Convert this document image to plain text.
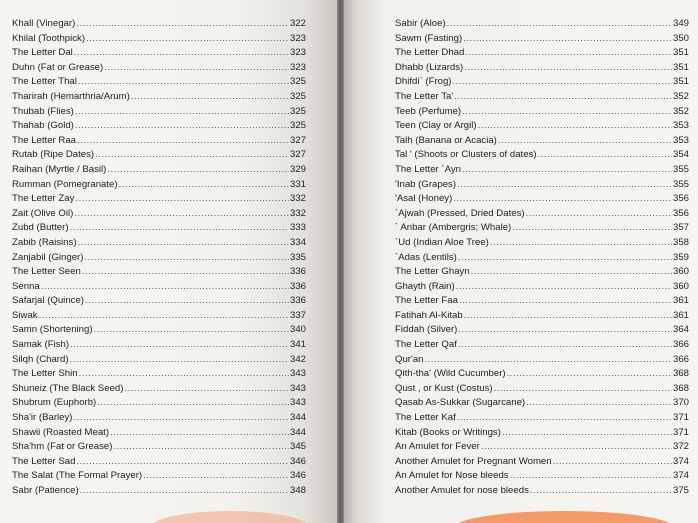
Khall (Vinegar) .....	322
Khilal (Toothpick) .....	323
The Letter Dal .....	323
Duhn (Fat or Grease) .....	323
The Letter Thal .....	325
Tharirah (Hemarthria/Arum) .....	325
Thubab (Flies) .....	325
Thahab (Gold) .....	325
The Letter Raa .....	327
Rutab (Ripe Dates) .....	327
Raihan (Myrtle / Basil) .....	329
Rumman (Pomegranate) .....	331
The Letter Zay .....	332
Zait (Olive Oil) .....	332
Zubd (Butter) .....	333
Zabib (Raisins) .....	334
Zanjabil (Ginger) .....	335
The Letter Seen .....	336
Senna .....	336
Safarjal (Quince) .....	336
Siwak .....	337
Samn (Shortening) .....	340
Samak (Fish) .....	341
Silqh (Chard) .....	342
The Letter Shin .....	343
Shuneiz (The Black Seed) .....	343
Shubrum (Euphorb) .....	343
Sha'ir (Barley) .....	344
Shawii (Roasted Meat) .....	344
Sha'hm (Fat or Grease) .....	345
The Letter Sad .....	346
The Salat (The Formal Prayer) .....	346
Sabr (Patience) .....	348
Sabir (Aloe) .....	349
Sawm (Fasting) .....	350
The Letter Dhad .....	351
Dhabb (Lizards) .....	351
Dhifdi` (Frog) .....	351
The Letter Ta' .....	352
Teeb (Perfume) .....	352
Teen (Clay or Argil) .....	353
Talh (Banana or Acacia) .....	353
Tal ' (Shoots or Clusters of dates) .....	354
The Letter `Ayn .....	355
'Inab (Grapes) .....	355
'Asal (Honey) .....	356
`Ajwah (Pressed, Dried Dates) .....	356
` Anbar (Ambergris; Whale) .....	357
`Ud (Indian Aloe Tree) .....	358
`Adas (Lentils) .....	359
The Letter Ghayn .....	360
Ghayth (Rain) .....	360
The Letter Faa .....	361
Fatihah Al-Kitab .....	361
Fiddah (Silver) .....	364
The Letter Qaf .....	366
Qur'an .....	366
Qith-tha' (Wild Cucumber) .....	368
Qust , or Kust (Costus) .....	368
Qasab As-Sukkar (Sugarcane) .....	370
The Letter Kaf .....	371
Kitab (Books or Writings) .....	371
An Amulet for Fever .....	372
Another Amulet for Pregnant Women .....	374
An Amulet for Nose bleeds .....	374
Another Amulet for nose bleeds .....	375
